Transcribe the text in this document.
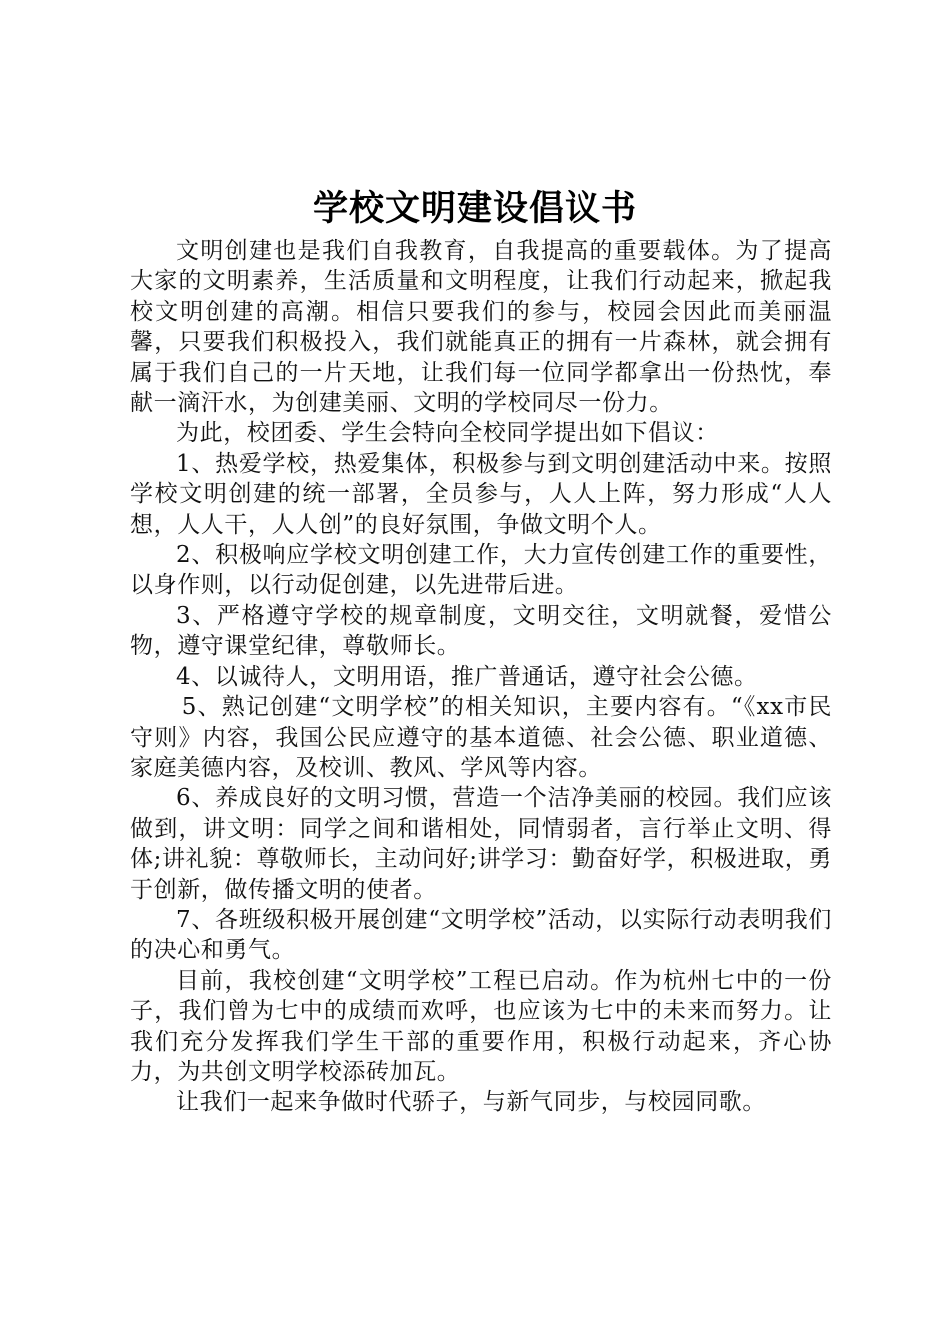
学校文明建设倡议书

文明创建也是我们自我教育，自我提高的重要载体。为了提高大家的文明素养，生活质量和文明程度，让我们行动起来，掀起我校文明创建的高潮。相信只要我们的参与，校园会因此而美丽温馨，只要我们积极投入，我们就能真正的拥有一片森林，就会拥有属于我们自己的一片天地，让我们每一位同学都拿出一份热忱，奉献一滴汗水，为创建美丽、文明的学校同尽一份力。

为此，校团委、学生会特向全校同学提出如下倡议：

1、热爱学校，热爱集体，积极参与到文明创建活动中来。按照学校文明创建的统一部署，全员参与，人人上阵，努力形成“人人想，人人干，人人创”的良好氛围，争做文明个人。

2、积极响应学校文明创建工作，大力宣传创建工作的重要性，以身作则，以行动促创建，以先进带后进。

3、严格遵守学校的规章制度，文明交往，文明就餐，爱惜公物，遵守课堂纪律，尊敬师长。

4、以诚待人，文明用语，推广普通话，遵守社会公德。

5、熟记创建“文明学校”的相关知识，主要内容有。“《xx市民守则》内容，我国公民应遵守的基本道德、社会公德、职业道德、家庭美德内容，及校训、教风、学风等内容。

6、养成良好的文明习惯，营造一个洁净美丽的校园。我们应该做到，讲文明：同学之间和谐相处，同情弱者，言行举止文明、得体;讲礼貌：尊敬师长，主动问好;讲学习：勤奋好学，积极进取，勇于创新，做传播文明的使者。

7、各班级积极开展创建“文明学校”活动，以实际行动表明我们的决心和勇气。

目前，我校创建“文明学校”工程已启动。作为杭州七中的一份子，我们曾为七中的成绩而欢呼，也应该为七中的未来而努力。让我们充分发挥我们学生干部的重要作用，积极行动起来，齐心协力，为共创文明学校添砖加瓦。

让我们一起来争做时代骄子，与新气同步，与校园同歌。
